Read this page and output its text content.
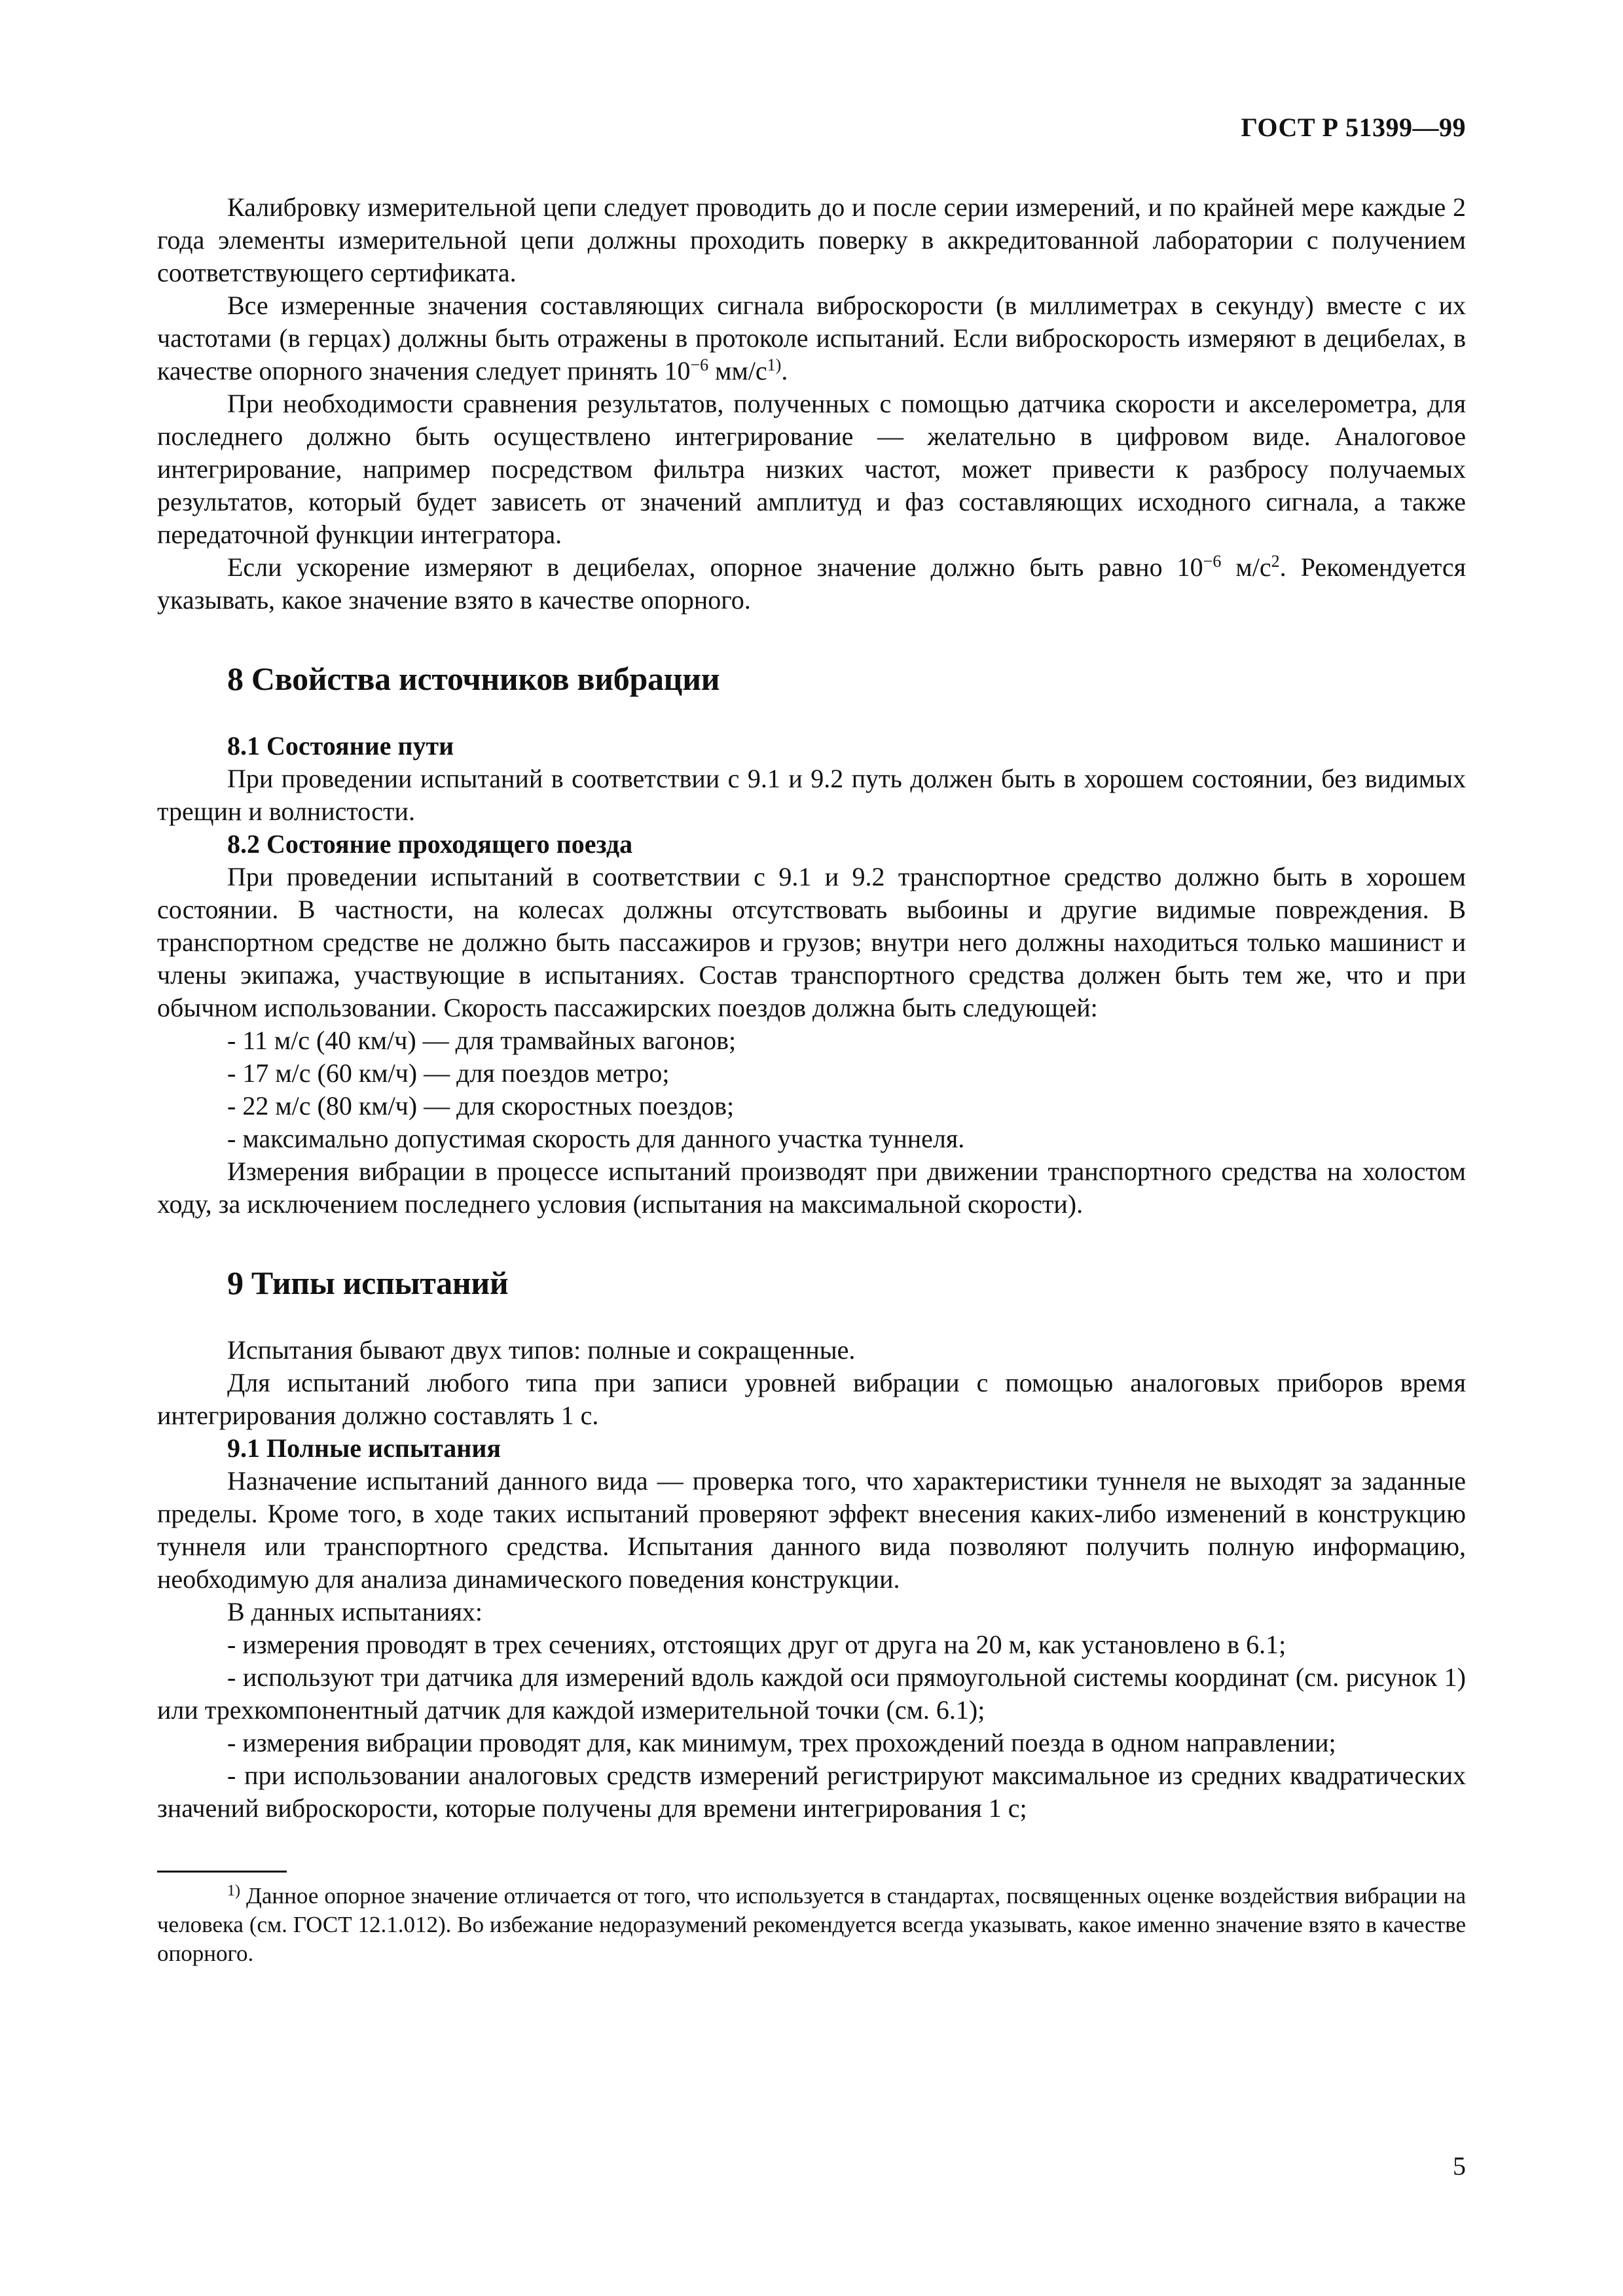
ГОСТ Р 51399—99

Калибровку измерительной цепи следует проводить до и после серии измерений, и по крайней мере каждые 2 года элементы измерительной цепи должны проходить поверку в аккредитованной лаборатории с получением соответствующего сертификата.

Все измеренные значения составляющих сигнала виброскорости (в миллиметрах в секунду) вместе с их частотами (в герцах) должны быть отражены в протоколе испытаний. Если виброскорость измеряют в децибелах, в качестве опорного значения следует принять $10^{-6}$ $мм/с^{1)}$.

При необходимости сравнения результатов, полученных с помощью датчика скорости и акселерометра, для последнего должно быть осуществлено интегрирование — желательно в цифровом виде. Аналоговое интегрирование, например посредством фильтра низких частот, может привести к разбросу получаемых результатов, который будет зависеть от значений амплитуд и фаз составляющих исходного сигнала, а также передаточной функции интегратора.

Если ускорение измеряют в децибелах, опорное значение должно быть равно $10^{-6}$ $м/с^2$. Рекомендуется указывать, какое значение взято в качестве опорного.

8 Свойства источников вибрации

8.1 Состояние пути

При проведении испытаний в соответствии с 9.1 и 9.2 путь должен быть в хорошем состоянии, без видимых трещин и волнистости.

8.2 Состояние проходящего поезда

При проведении испытаний в соответствии с 9.1 и 9.2 транспортное средство должно быть в хорошем состоянии. В частности, на колесах должны отсутствовать выбоины и другие видимые повреждения. В транспортном средстве не должно быть пассажиров и грузов; внутри него должны находиться только машинист и члены экипажа, участвующие в испытаниях. Состав транспортного средства должен быть тем же, что и при обычном использовании. Скорость пассажирских поездов должна быть следующей:

- 11 м/с (40 км/ч) — для трамвайных вагонов;

- 17 м/с (60 км/ч) — для поездов метро;

- 22 м/с (80 км/ч) — для скоростных поездов;

- максимально допустимая скорость для данного участка туннеля.

Измерения вибрации в процессе испытаний производят при движении транспортного средства на холостом ходу, за исключением последнего условия (испытания на максимальной скорости).

9 Типы испытаний

Испытания бывают двух типов: полные и сокращенные.

Для испытаний любого типа при записи уровней вибрации с помощью аналоговых приборов время интегрирования должно составлять 1 с.

9.1 Полные испытания

Назначение испытаний данного вида — проверка того, что характеристики туннеля не выходят за заданные пределы. Кроме того, в ходе таких испытаний проверяют эффект внесения каких-либо изменений в конструкцию туннеля или транспортного средства. Испытания данного вида позволяют получить полную информацию, необходимую для анализа динамического поведения конструкции.

В данных испытаниях:

- измерения проводят в трех сечениях, отстоящих друг от друга на 20 м, как установлено в 6.1;

- используют три датчика для измерений вдоль каждой оси прямоугольной системы координат (см. рисунок 1) или трехкомпонентный датчик для каждой измерительной точки (см. 6.1);

- измерения вибрации проводят для, как минимум, трех прохождений поезда в одном направлении;

- при использовании аналоговых средств измерений регистрируют максимальное из средних квадратических значений виброскорости, которые получены для времени интегрирования 1 с;

$^{1)}$ Данное опорное значение отличается от того, что используется в стандартах, посвященных оценке воздействия вибрации на человека (см. ГОСТ 12.1.012). Во избежание недоразумений рекомендуется всегда указывать, какое именно значение взято в качестве опорного.

5
